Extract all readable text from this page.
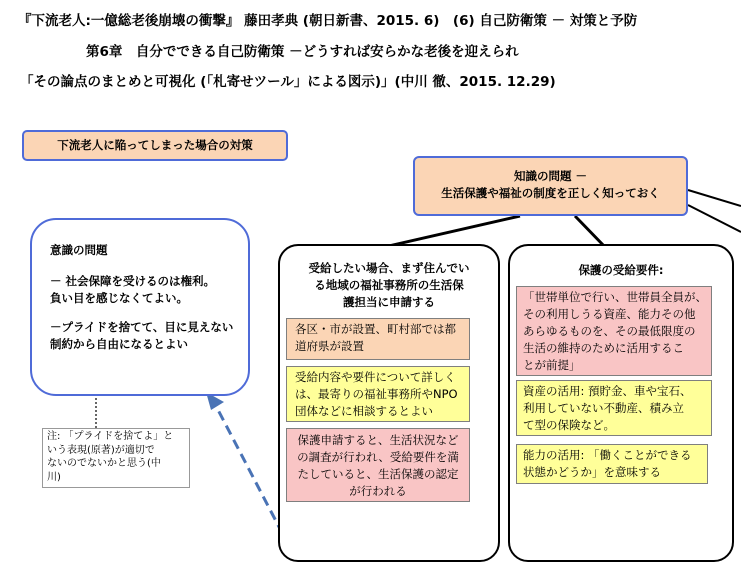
『下流老人:一億総老後崩壊の衝撃』 藤田孝典 (朝日新書、2015. 6)　(6) 自己防衛策 － 対策と予防
第6章　自分でできる自己防衛策 －どうすれば安らかな老後を迎えられ
「その論点のまとめと可視化 (「札寄せツール」による図示)」(中川 徹、2015. 12.29)
下流老人に陥ってしまった場合の対策
知識の問題 －
生活保護や福祉の制度を正しく知っておく
意識の問題
－ 社会保障を受けるのは権利。
負い目を感じなくてよい。
－プライドを捨てて、目に見えない
制約から自由になるとよい
注: 「プライドを捨てよ」と
いう表現(原著)が適切で
ないのでないかと思う(中
川)
受給したい場合、まず住んでい
る地域の福祉事務所の生活保
護担当に申請する
各区・市が設置、町村部では都
道府県が設置
受給内容や要件について詳しく
は、最寄りの福祉事務所やNPO
団体などに相談するとよい
保護申請すると、生活状況など
の調査が行われ、受給要件を満
たしていると、生活保護の認定
が行われる
保護の受給要件:
「世帯単位で行い、世帯員全員が、
その利用しうる資産、能力その他
あらゆるものを、その最低限度の
生活の維持のために活用するこ
とが前提」
資産の活用: 預貯金、車や宝石、
利用していない不動産、積み立
て型の保険など。
能力の活用: 「働くことができる
状態かどうか」を意味する
